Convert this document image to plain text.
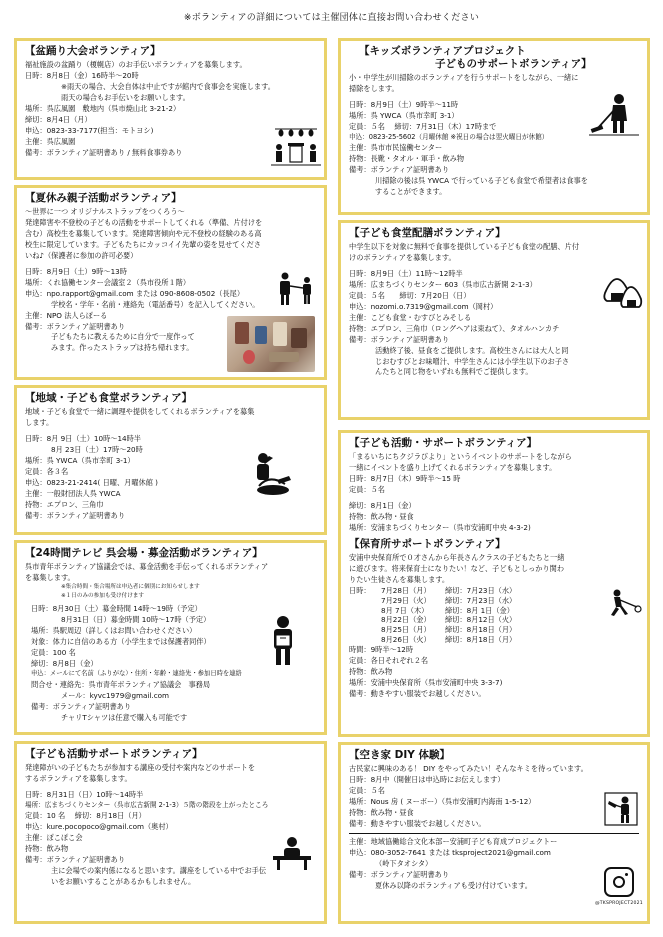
※ボランティアの詳細については主催団体に直接お問い合わせください
【盆踊り大会ボランティア】

福祉施設の盆踊り（榎幌店）のお手伝いボランティアを募集します。

日時：8月8日（金）16時半～20時

※雨天の場合、大会自体は中止ですが館内で食事会を実施します。

雨天の場合もお手伝いをお願いします。

場所：呉広風園　敷地内（呉市焼山北 3-21-2）

締切：8月4日（月）

申込：0823-33-7177(担当：モトヨシ)

主催：呉広風園

備考：ボランティア証明書あり / 無料食事券あり

【夏休み親子活動ボランティア】

～世界に一つ オリジナルストラップをつくろう～

発達障害や不登校の子どもの活動をサポートしてくれる（準備、片付けを

含む）高校生を募集しています。発達障害傾向や元不登校の経験のある高

校生に限定しています。子どもたちにカッコイイ先輩の姿を見せてくださ

いね♪（保護者に参加の許可必要）

日時：8月9日（土）9時～13時

場所：くれ協働センター会議室２（呉市役所１階）

申込：npo.rapport@gmail.com または 090-8608-0502（長尾）

学校名・学年・名前・連絡先（電話番号）を記入してください。

主催：NPO 法人らぽーる

備考：ボランティア証明書あり

子どもたちに教えるために自分で一度作って

みます。作ったストラップは持ち帰れます。

【地域・子ども食堂ボランティア】

地域・子ども食堂で一緒に調理や提供をしてくれるボランティアを募集

します。

日時：8月 9日（土）10時～14時半

8月 23日（土）17時～20時

場所：呉 YWCA（呉市幸町 3-1）

定員：各３名

申込：0823-21-2414( 日曜、月曜休館 )

主催：一般財団法人呉 YWCA

持物：エプロン、三角巾

備考：ボランティア証明書あり

【24時間テレビ 呉会場・募金活動ボランティア】

呉市青年ボランティア協議会では、募金活動を手伝ってくれるボランティア

を募集します。

※集合時間・集合場所は申込者に個別にお知らせします

※１日のみの参加も受け付けます

日時：8月30日（土）募金時間 14時～19時（予定）

8月31日（日）募金時間 10時～17時（予定）

場所：呉駅周辺（詳しくはお問い合わせください）

対象：体力に自信のある方（小学生までは保護者同伴）

定員：100 名

締切：8月8日（金）

申込：メールにて名前（ふりがな）・住所・年齢・連絡先・参加日時を連絡

問合せ・連絡先：呉市青年ボランティア協議会　事務局

メール：kyvc1979@gmail.com

備考：ボランティア証明書あり

チャリTシャツは任意で購入も可能です

【子ども活動サポートボランティア】

発達障がいの子どもたちが参加する講座の受付や案内などのサポートを

するボランティアを募集します。

日時：8月31日（日）10時～14時半

場所：広まちづくりセンター（呉市広古新開 2-1-3）５階の階段を上がったところ

定員：10 名　 締切：8月18日（月）

申込：kure.pocopoco@gmail.com（奥村）

主催：ぽこぽこ会

持物：飲み物

備考：ボランティア証明書あり

主に会場での案内係になると思います。講座をしている中でお手伝

いをお願いすることがあるかもしれません。

【キッズボランティアプロジェクト
子どものサポートボランティア】

小・中学生が川掃除のボランティアを行うサポートをしながら、一緒に

掃除をします。

日時：8月9日（土）9時半～11時

場所：呉 YWCA（呉市幸町 3-1）

定員：５名　 締切：7月31日（木）17時まで

申込：0823-25-5602（月曜休館 ※祝日の場合は翌火曜日が休館）

主催：呉市市民協働センター

持物：長靴・タオル・軍手・飲み物

備考：ボランティア証明書あり

川掃除の後は呉 YWCA で行っている子ども食堂で希望者は食事を

することができます。

【子ども食堂配膳ボランティア】

中学生以下を対象に無料で食事を提供している子ども食堂の配膳、片付

けのボランティアを募集します。

日時：8月9日（土）11時～12時半

場所：広まちづくりセンター 603（呉市広古新開 2-1-3）

定員：５名　　締切：7月20日（日）

申込：nozomi.o.7319@gmail.com（岡村）

主催：こども食堂・むすびとみそしる

持物：エプロン、三角巾（ロングヘアは束ねて）、タオルハンカチ

備考：ボランティア証明書あり

活動終了後、昼食をご提供します。高校生さんには大人と同

じおむすびとお味噌汁、中学生さんには小学生以下のお子さ

んたちと同じ物をいずれも無料でご提供します。

【子ども活動・サポートボランティア】

「まるいちにちクジラびより」というイベントのサポートをしながら

一緒にイベントを盛り上げてくれるボランティアを募集します。

日時：8月7日（木）9時半～15 時

定員：５名

締切：8月1日（金）

持物：飲み物・昼食

場所：安浦まちづくりセンター（呉市安浦町中央 4-3-2)

【保育所サポートボランティア】

安浦中央保育所で０才さんから年長さんクラスの子どもたちと一緒

に遊びます。将来保育士になりたい！など、子どもとしっかり関わ

りたい生徒さんを募集します。

日時： 7月28日（月）	締切：7月23日（水）
7月29日（火）	締切：7月23日（水）
8月 7日（木）	締切：8月 1日（金）
8月22日（金）	締切：8月12日（火）
8月25日（月）	締切：8月18日（月）
8月26日（火）	締切：8月18日（月）

時間：9時半～12時

定員：各日それぞれ２名

持物：飲み物

場所：安浦中央保育所（呉市安浦町中央 3-3-7)

備考：動きやすい服装でお越しください。

【空き家 DIY 体験】

古民家に興味のある！ DIY をやってみたい！そんなキミを待っています。

日時：8月中（開催日は申込時にお伝えします）

定員：５名

場所：Nous 房 ( ヌーボー）（呉市安浦町内海南 1-5-12）

持物：飲み物・昼食

備考：動きやすい服装でお越しください。

主催：地域協働総合文化本部ー安浦町子ども育成プロジェクトー

申込：080-3052-7641 または tksproject2021@gmail.com

（岭下タオシタ）

備考：ボランティア証明書あり

夏休み以降のボランティアも受け付けています。

@TKSPROJECT2021
